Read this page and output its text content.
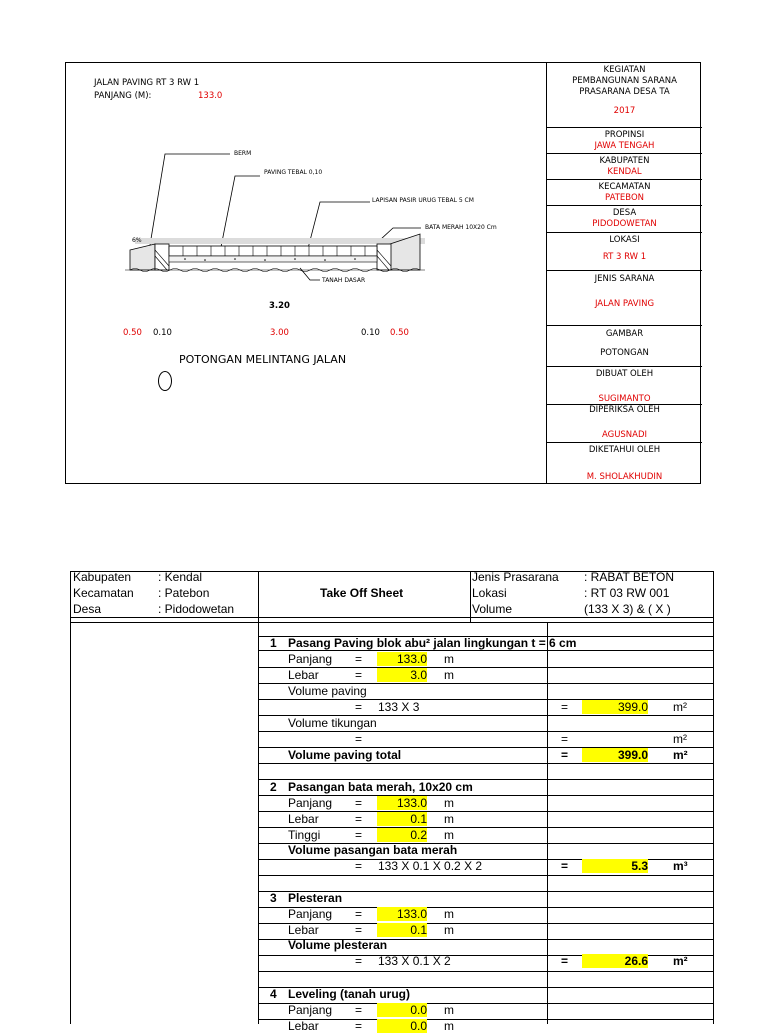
JALAN PAVING RT 3 RW 1
PANJANG (M):	133.0
BERM
PAVING TEBAL 0,10
LAPISAN PASIR URUG TEBAL 5 CM
BATA MERAH 10X20 Cm
TANAH DASAR
6%
3.20
0.50 0.10	3.00	0.10 0.50
POTONGAN MELINTANG JALAN
KEGIATAN
PEMBANGUNAN SARANA
PRASARANA DESA TA
2017
PROPINSI
JAWA TENGAH
KABUPATEN
KENDAL
KECAMATAN
PATEBON
DESA
PIDODOWETAN
LOKASI
RT 3 RW 1
JENIS SARANA
JALAN PAVING
GAMBAR
POTONGAN
DIBUAT OLEH
SUGIMANTO
DIPERIKSA OLEH
AGUSNADI
DIKETAHUI OLEH
M. SHOLAKHUDIN
Kabupaten : Kendal
Kecamatan : Patebon
Desa	: Pidodowetan
Take Off Sheet
Jenis Prasarana : RABAT BETON
Lokasi	: RT 03 RW 001
Volume	(133 X 3) & ( X )
1 Pasang Paving blok abu² jalan lingkungan t = 6 cm
Panjang =	133.0 m
Lebar	=	3.0 m
Volume paving
= 133 X 3	=	399.0 m²
Volume tikungan
=	=	m²
Volume paving total	=	399.0 m²
2 Pasangan bata merah, 10x20 cm
Panjang =	133.0 m
Lebar	=	0.1 m
Tinggi	=	0.2 m
Volume pasangan bata merah
= 133 X 0.1 X 0.2 X 2	=	5.3 m³
3 Plesteran
Panjang =	133.0 m
Lebar	=	0.1 m
Volume plesteran
= 133 X 0.1 X 2	=	26.6 m²
4 Leveling (tanah urug)
Panjang =	0.0 m
Lebar	=	0.0 m
